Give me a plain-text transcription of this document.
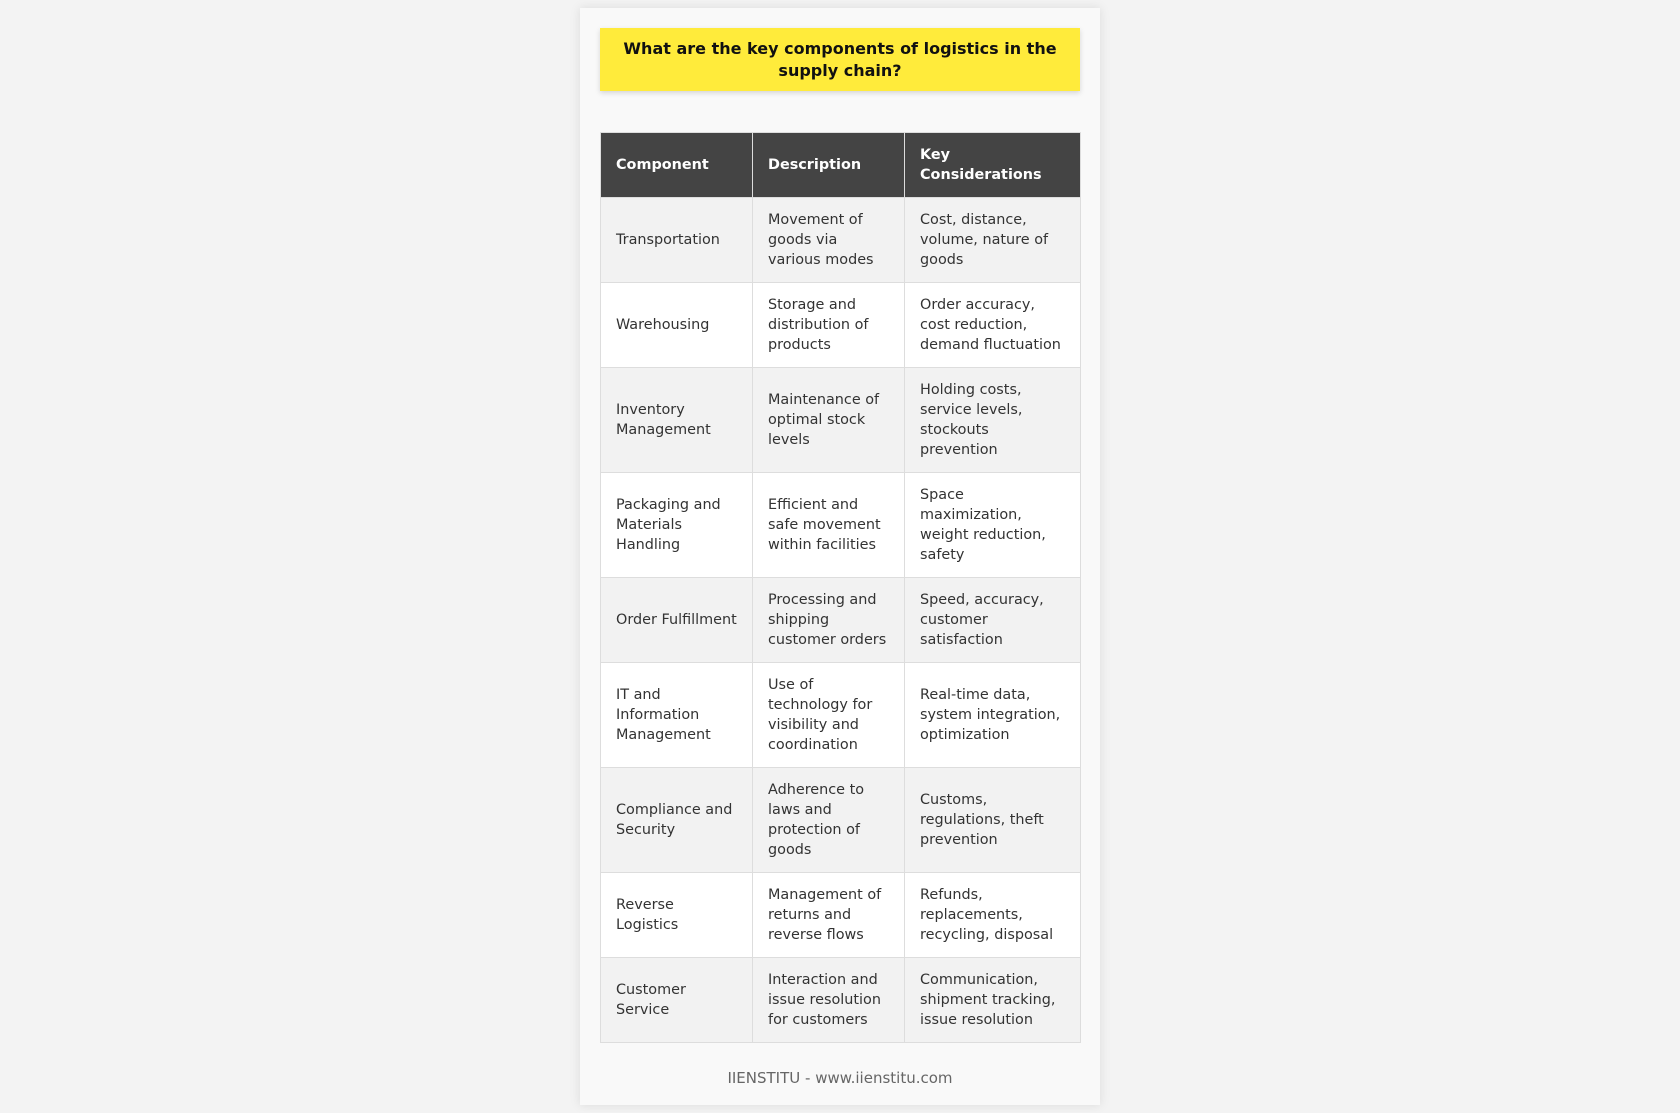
What are the key components of logistics in the supply chain?
Component	Description	Key Considerations
Transportation	Movement of goods via various modes	Cost, distance, volume, nature of goods
Warehousing	Storage and distribution of products	Order accuracy, cost reduction, demand fluctuation
Inventory Management	Maintenance of optimal stock levels	Holding costs, service levels, stockouts prevention
Packaging and Materials Handling	Efficient and safe movement within facilities	Space maximization, weight reduction, safety
Order Fulfillment	Processing and shipping customer orders	Speed, accuracy, customer satisfaction
IT and Information Management	Use of technology for visibility and coordination	Real-time data, system integration, optimization
Compliance and Security	Adherence to laws and protection of goods	Customs, regulations, theft prevention
Reverse Logistics	Management of returns and reverse flows	Refunds, replacements, recycling, disposal
Customer Service	Interaction and issue resolution for customers	Communication, shipment tracking, issue resolution
IIENSTITU - www.iienstitu.com
